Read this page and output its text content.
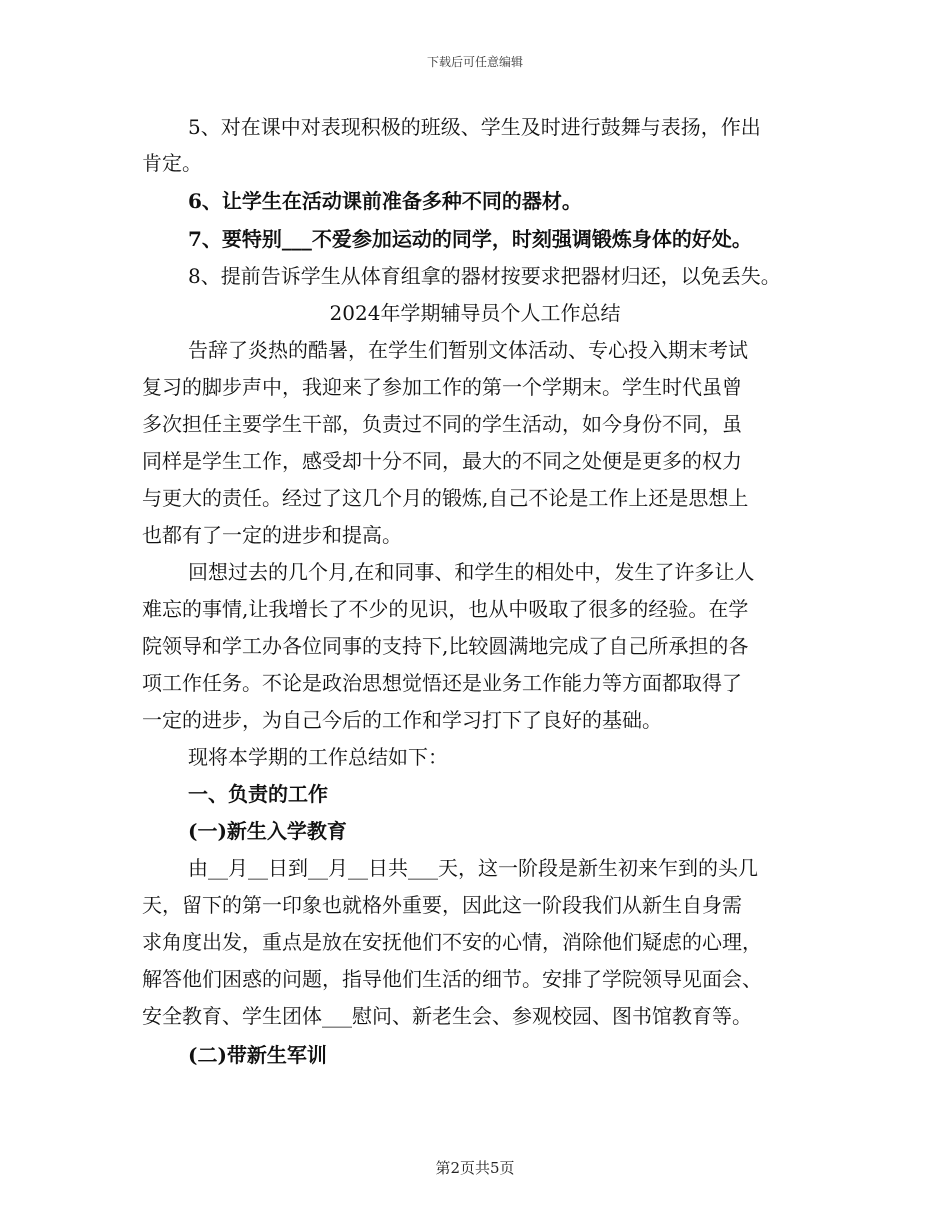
下载后可任意编辑
5、对在课中对表现积极的班级、学生及时进行鼓舞与表扬，作出
肯定。
6、让学生在活动课前准备多种不同的器材。
7、要特别___不爱参加运动的同学，时刻强调锻炼身体的好处。
8、提前告诉学生从体育组拿的器材按要求把器材归还，以免丢失。
2024年学期辅导员个人工作总结
告辞了炎热的酷暑，在学生们暂别文体活动、专心投入期末考试
复习的脚步声中，我迎来了参加工作的第一个学期末。学生时代虽曾
多次担任主要学生干部，负责过不同的学生活动，如今身份不同，虽
同样是学生工作，感受却十分不同，最大的不同之处便是更多的权力
与更大的责任。经过了这几个月的锻炼,自己不论是工作上还是思想上
也都有了一定的进步和提高。
回想过去的几个月,在和同事、和学生的相处中，发生了许多让人
难忘的事情,让我增长了不少的见识，也从中吸取了很多的经验。在学
院领导和学工办各位同事的支持下,比较圆满地完成了自己所承担的各
项工作任务。不论是政治思想觉悟还是业务工作能力等方面都取得了
一定的进步，为自己今后的工作和学习打下了良好的基础。
现将本学期的工作总结如下：
一、负责的工作
(一)新生入学教育
由__月__日到__月__日共___天，这一阶段是新生初来乍到的头几
天，留下的第一印象也就格外重要，因此这一阶段我们从新生自身需
求角度出发，重点是放在安抚他们不安的心情，消除他们疑虑的心理，
解答他们困惑的问题，指导他们生活的细节。安排了学院领导见面会、
安全教育、学生团体___慰问、新老生会、参观校园、图书馆教育等。
(二)带新生军训
第2页共5页
